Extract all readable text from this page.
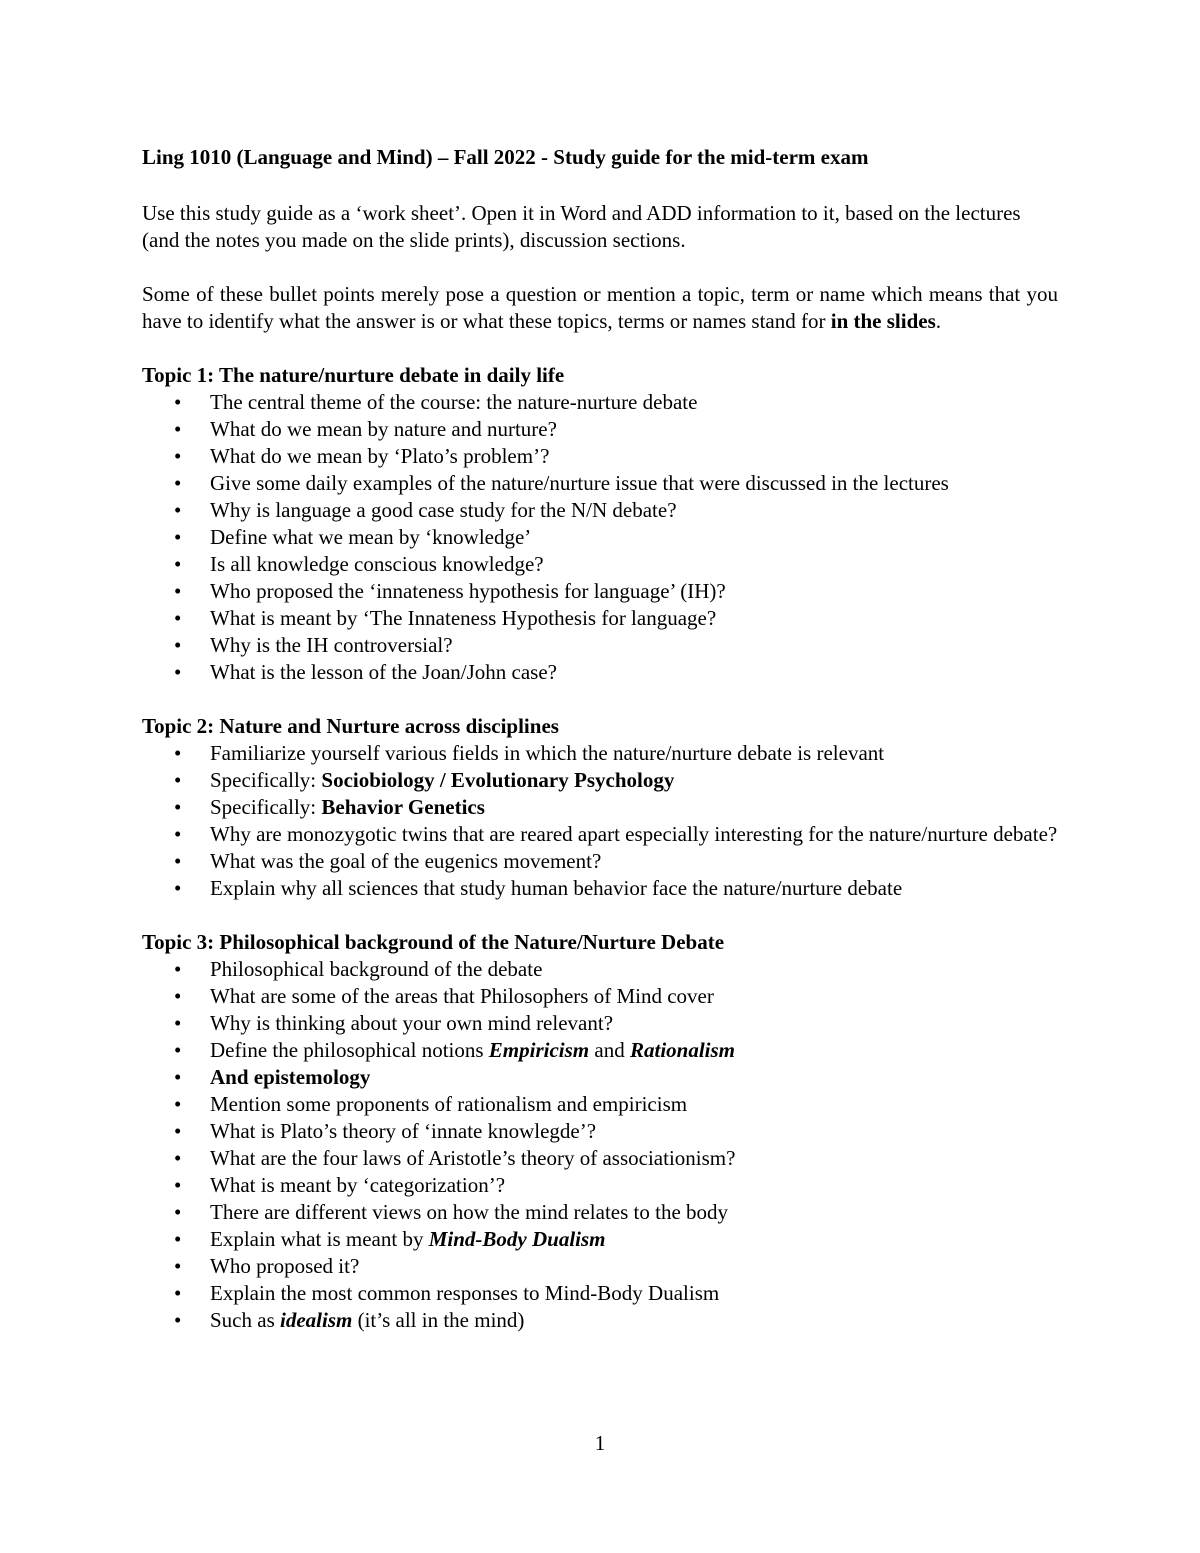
Ling 1010 (Language and Mind) – Fall 2022 - Study guide for the mid-term exam
Use this study guide as a ‘work sheet’. Open it in Word and ADD information to it, based on the lectures (and the notes you made on the slide prints), discussion sections.
Some of these bullet points merely pose a question or mention a topic, term or name which means that you have to identify what the answer is or what these topics, terms or names stand for in the slides.
Topic 1: The nature/nurture debate in daily life
• The central theme of the course: the nature-nurture debate
• What do we mean by nature and nurture?
• What do we mean by ‘Plato’s problem’?
• Give some daily examples of the nature/nurture issue that were discussed in the lectures
• Why is language a good case study for the N/N debate?
• Define what we mean by ‘knowledge’
• Is all knowledge conscious knowledge?
• Who proposed the ‘innateness hypothesis for language’ (IH)?
• What is meant by ‘The Innateness Hypothesis for language?
• Why is the IH controversial?
• What is the lesson of the Joan/John case?
Topic 2: Nature and Nurture across disciplines
• Familiarize yourself various fields in which the nature/nurture debate is relevant
• Specifically: Sociobiology / Evolutionary Psychology
• Specifically: Behavior Genetics
• Why are monozygotic twins that are reared apart especially interesting for the nature/nurture debate?
• What was the goal of the eugenics movement?
• Explain why all sciences that study human behavior face the nature/nurture debate
Topic 3: Philosophical background of the Nature/Nurture Debate
• Philosophical background of the debate
• What are some of the areas that Philosophers of Mind cover
• Why is thinking about your own mind relevant?
• Define the philosophical notions Empiricism and Rationalism
• And epistemology
• Mention some proponents of rationalism and empiricism
• What is Plato’s theory of ‘innate knowlegde’?
• What are the four laws of Aristotle’s theory of associationism?
• What is meant by ‘categorization’?
• There are different views on how the mind relates to the body
• Explain what is meant by Mind-Body Dualism
• Who proposed it?
• Explain the most common responses to Mind-Body Dualism
• Such as idealism (it’s all in the mind)
1
